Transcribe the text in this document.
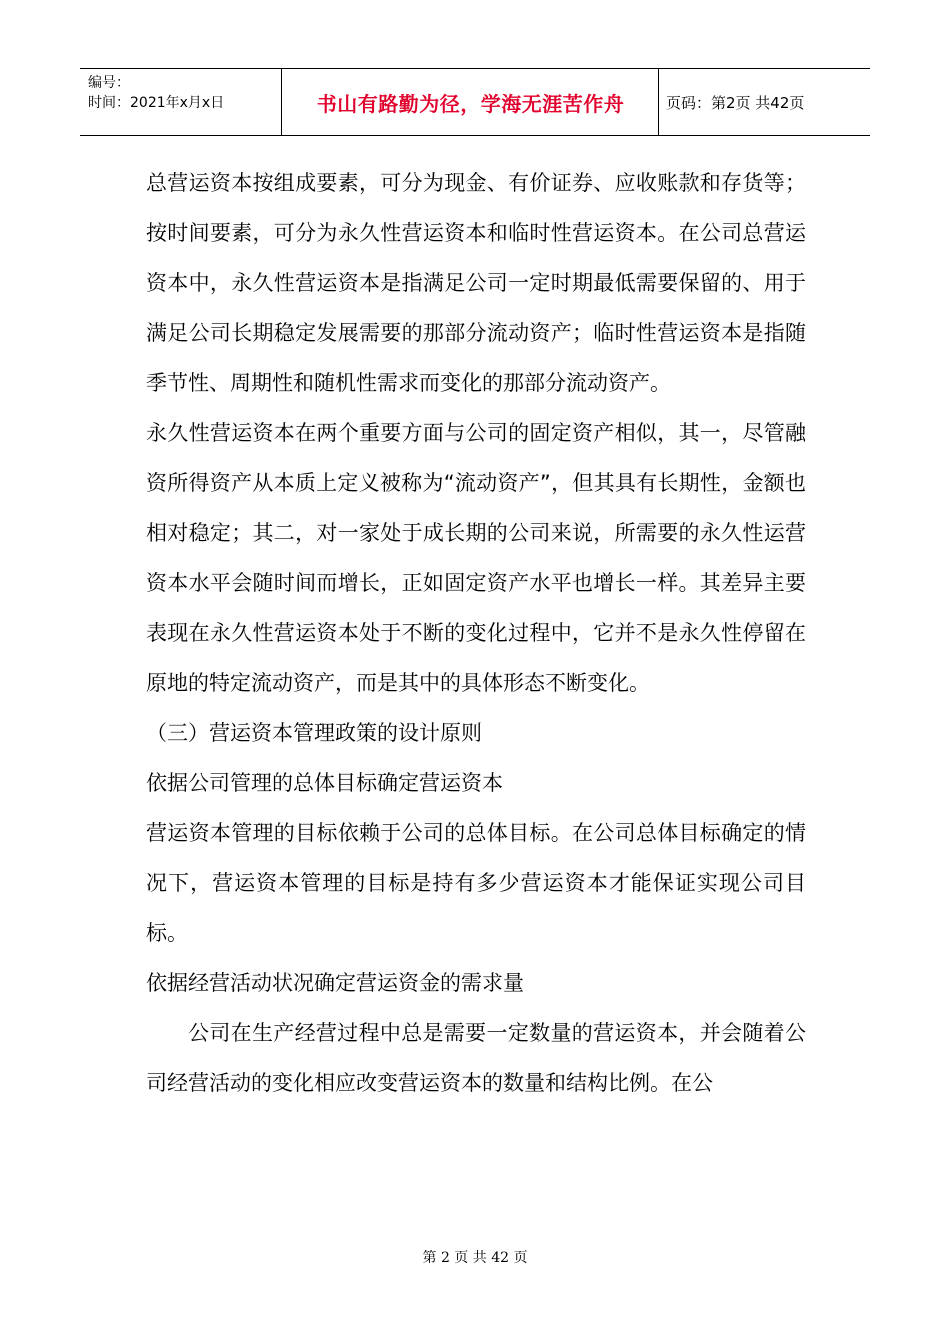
编号：
时间：2021年x月x日	书山有路勤为径，学海无涯苦作舟	页码：第2页 共42页

总营运资本按组成要素，可分为现金、有价证券、应收账款和存货等；按时间要素，可分为永久性营运资本和临时性营运资本。在公司总营运资本中，永久性营运资本是指满足公司一定时期最低需要保留的、用于满足公司长期稳定发展需要的那部分流动资产；临时性营运资本是指随季节性、周期性和随机性需求而变化的那部分流动资产。

永久性营运资本在两个重要方面与公司的固定资产相似，其一，尽管融资所得资产从本质上定义被称为“流动资产”，但其具有长期性，金额也相对稳定；其二，对一家处于成长期的公司来说，所需要的永久性运营资本水平会随时间而增长，正如固定资产水平也增长一样。其差异主要表现在永久性营运资本处于不断的变化过程中，它并不是永久性停留在原地的特定流动资产，而是其中的具体形态不断变化。

（三）营运资本管理政策的设计原则

依据公司管理的总体目标确定营运资本

营运资本管理的目标依赖于公司的总体目标。在公司总体目标确定的情况下，营运资本管理的目标是持有多少营运资本才能保证实现公司目标。

依据经营活动状况确定营运资金的需求量

公司在生产经营过程中总是需要一定数量的营运资本，并会随着公司经营活动的变化相应改变营运资本的数量和结构比例。在公

第 2 页 共 42 页
